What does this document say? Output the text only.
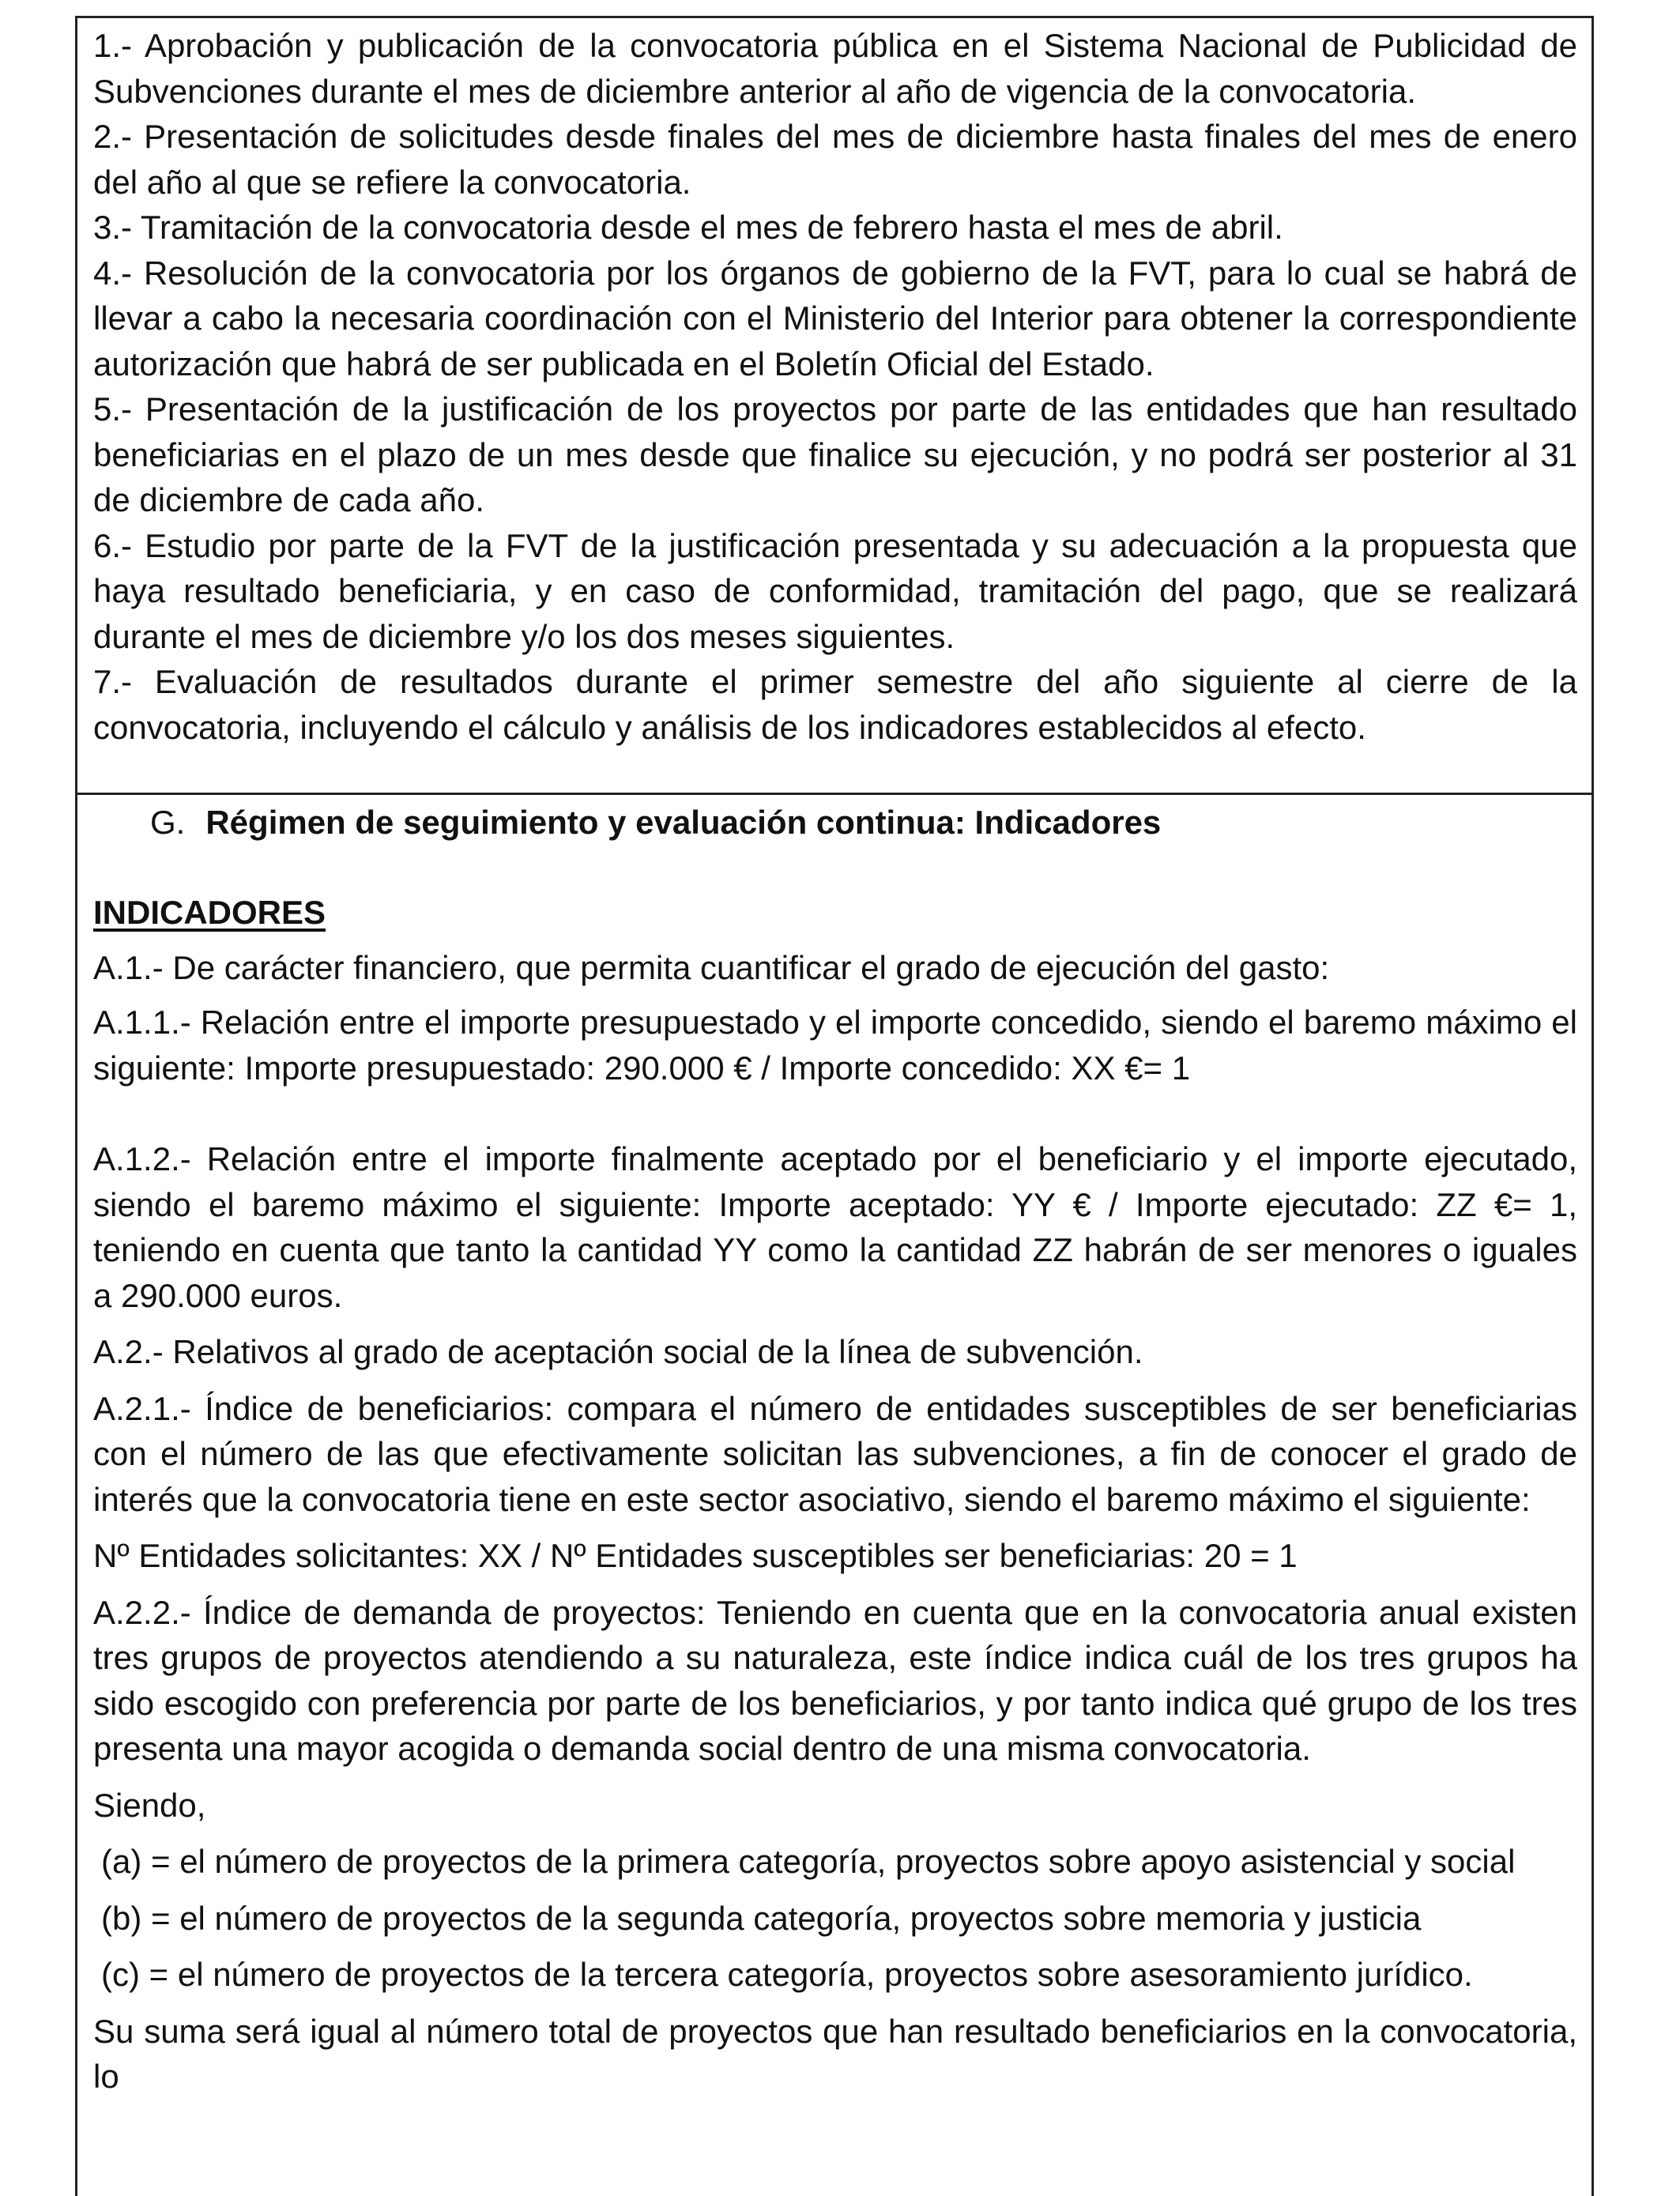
1.- Aprobación y publicación de la convocatoria pública en el Sistema Nacional de Publicidad de Subvenciones durante el mes de diciembre anterior al año de vigencia de la convocatoria.

2.- Presentación de solicitudes desde finales del mes de diciembre hasta finales del mes de enero del año al que se refiere la convocatoria.

3.- Tramitación de la convocatoria desde el mes de febrero hasta el mes de abril.

4.- Resolución de la convocatoria por los órganos de gobierno de la FVT, para lo cual se habrá de llevar a cabo la necesaria coordinación con el Ministerio del Interior para obtener la correspondiente autorización que habrá de ser publicada en el Boletín Oficial del Estado.

5.- Presentación de la justificación de los proyectos por parte de las entidades que han resultado beneficiarias en el plazo de un mes desde que finalice su ejecución, y no podrá ser posterior al 31 de diciembre de cada año.

6.- Estudio por parte de la FVT de la justificación presentada y su adecuación a la propuesta que haya resultado beneficiaria, y en caso de conformidad, tramitación del pago, que se realizará durante el mes de diciembre y/o los dos meses siguientes.

7.- Evaluación de resultados durante el primer semestre del año siguiente al cierre de la convocatoria, incluyendo el cálculo y análisis de los indicadores establecidos al efecto.

G. Régimen de seguimiento y evaluación continua: Indicadores

INDICADORES

A.1.- De carácter financiero, que permita cuantificar el grado de ejecución del gasto:

A.1.1.- Relación entre el importe presupuestado y el importe concedido, siendo el baremo máximo el siguiente: Importe presupuestado: 290.000 € / Importe concedido: XX €= 1

A.1.2.- Relación entre el importe finalmente aceptado por el beneficiario y el importe ejecutado, siendo el baremo máximo el siguiente: Importe aceptado: YY € / Importe ejecutado: ZZ €= 1, teniendo en cuenta que tanto la cantidad YY como la cantidad ZZ habrán de ser menores o iguales a 290.000 euros.

A.2.- Relativos al grado de aceptación social de la línea de subvención.

A.2.1.- Índice de beneficiarios: compara el número de entidades susceptibles de ser beneficiarias con el número de las que efectivamente solicitan las subvenciones, a fin de conocer el grado de interés que la convocatoria tiene en este sector asociativo, siendo el baremo máximo el siguiente:

Nº Entidades solicitantes: XX / Nº Entidades susceptibles ser beneficiarias: 20 = 1

A.2.2.- Índice de demanda de proyectos: Teniendo en cuenta que en la convocatoria anual existen tres grupos de proyectos atendiendo a su naturaleza, este índice indica cuál de los tres grupos ha sido escogido con preferencia por parte de los beneficiarios, y por tanto indica qué grupo de los tres presenta una mayor acogida o demanda social dentro de una misma convocatoria.

Siendo,

(a) = el número de proyectos de la primera categoría, proyectos sobre apoyo asistencial y social

(b) = el número de proyectos de la segunda categoría, proyectos sobre memoria y justicia

(c) = el número de proyectos de la tercera categoría, proyectos sobre asesoramiento jurídico.

Su suma será igual al número total de proyectos que han resultado beneficiarios en la convocatoria, lo
